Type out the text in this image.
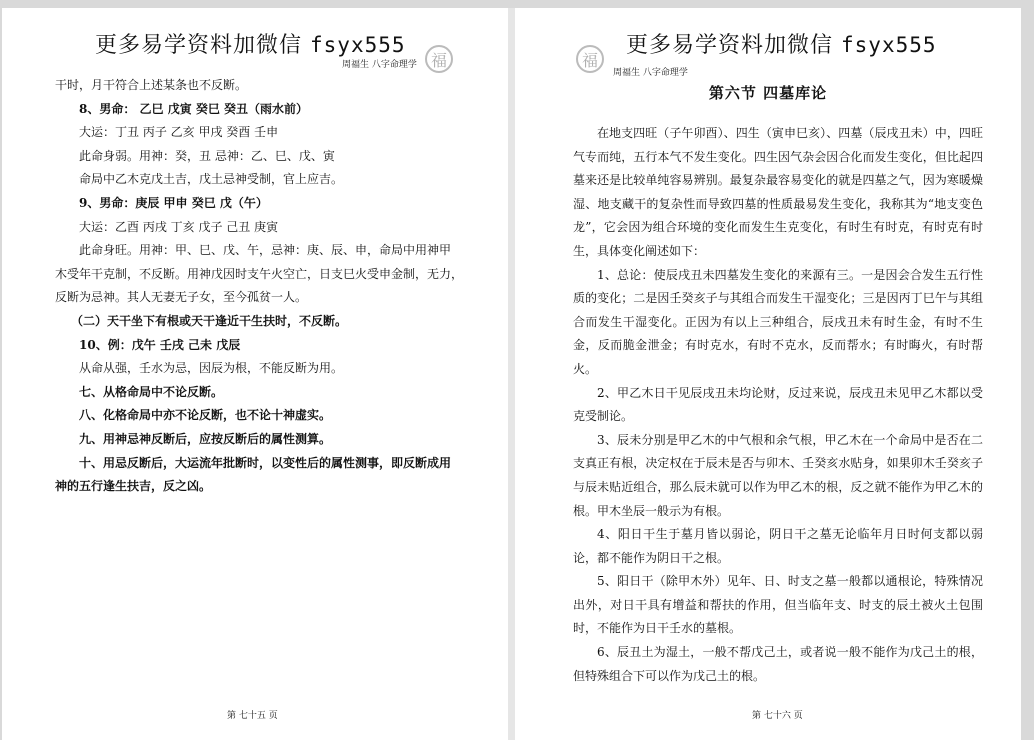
更多易学资料加微信 fsyx555
周福生 八字命理学 福

干时，月干符合上述某条也不反断。

8、男命： 乙巳 戊寅 癸巳 癸丑（雨水前）

大运：丁丑 丙子 乙亥 甲戌 癸酉 壬申

此命身弱。用神：癸，丑 忌神：乙、巳、戊、寅

命局中乙木克戊土吉，戊土忌神受制，官上应吉。

9、男命：庚辰 甲申 癸巳 戊（午）

大运：乙酉 丙戌 丁亥 戊子 己丑 庚寅

此命身旺。用神：甲、巳、戊、午，忌神：庚、辰、申，命局中用神甲

木受年干克制，不反断。用神戊因时支午火空亡，日支巳火受申金制，无力，

反断为忌神。其人无妻无子女，至今孤贫一人。

（二）天干坐下有根或天干逢近干生扶时，不反断。

10、例：戊午 壬戌 己未 戊辰

从命从强，壬水为忌，因辰为根，不能反断为用。

七、从格命局中不论反断。

八、化格命局中亦不论反断，也不论十神虚实。

九、用神忌神反断后，应按反断后的属性测算。

十、用忌反断后，大运流年批断时，以变性后的属性测事，即反断成用

神的五行逢生扶吉，反之凶。

第 七十五 页
更多易学资料加微信 fsyx555
福
周福生 八字命理学
第六节 四墓库论

在地支四旺（子午卯酉）、四生（寅申巳亥）、四墓（辰戌丑未）中，四旺气专而纯，五行本气不发生变化。四生因气杂会因合化而发生变化，但比起四墓来还是比较单纯容易辨别。最复杂最容易变化的就是四墓之气，因为寒暖燥湿、地支藏干的复杂性而导致四墓的性质最易发生变化，我称其为“地支变色龙”，它会因为组合环境的变化而发生生克变化，有时生有时克，有时克有时生，具体变化阐述如下：

1、总论：使辰戌丑未四墓发生变化的来源有三。一是因会合发生五行性质的变化；二是因壬癸亥子与其组合而发生干湿变化；三是因丙丁巳午与其组合而发生干湿变化。正因为有以上三种组合，辰戌丑未有时生金，有时不生金，反而脆金泄金；有时克水，有时不克水，反而帮水；有时晦火，有时帮火。

2、甲乙木日干见辰戌丑未均论财，反过来说，辰戌丑未见甲乙木都以受克受制论。

3、辰未分别是甲乙木的中气根和余气根，甲乙木在一个命局中是否在二支真正有根，决定权在于辰未是否与卯木、壬癸亥水贴身，如果卯木壬癸亥子与辰未贴近组合，那么辰未就可以作为甲乙木的根，反之就不能作为甲乙木的根。甲木坐辰一般示为有根。

4、阳日干生于墓月皆以弱论，阴日干之墓无论临年月日时何支都以弱论，都不能作为阴日干之根。

5、阳日干（除甲木外）见年、日、时支之墓一般都以通根论，特殊情况出外，对日干具有增益和帮扶的作用，但当临年支、时支的辰土被火土包围时，不能作为日干壬水的墓根。

6、辰丑土为湿土，一般不帮戊己土，或者说一般不能作为戊己土的根，但特殊组合下可以作为戊己土的根。

第 七十六 页
